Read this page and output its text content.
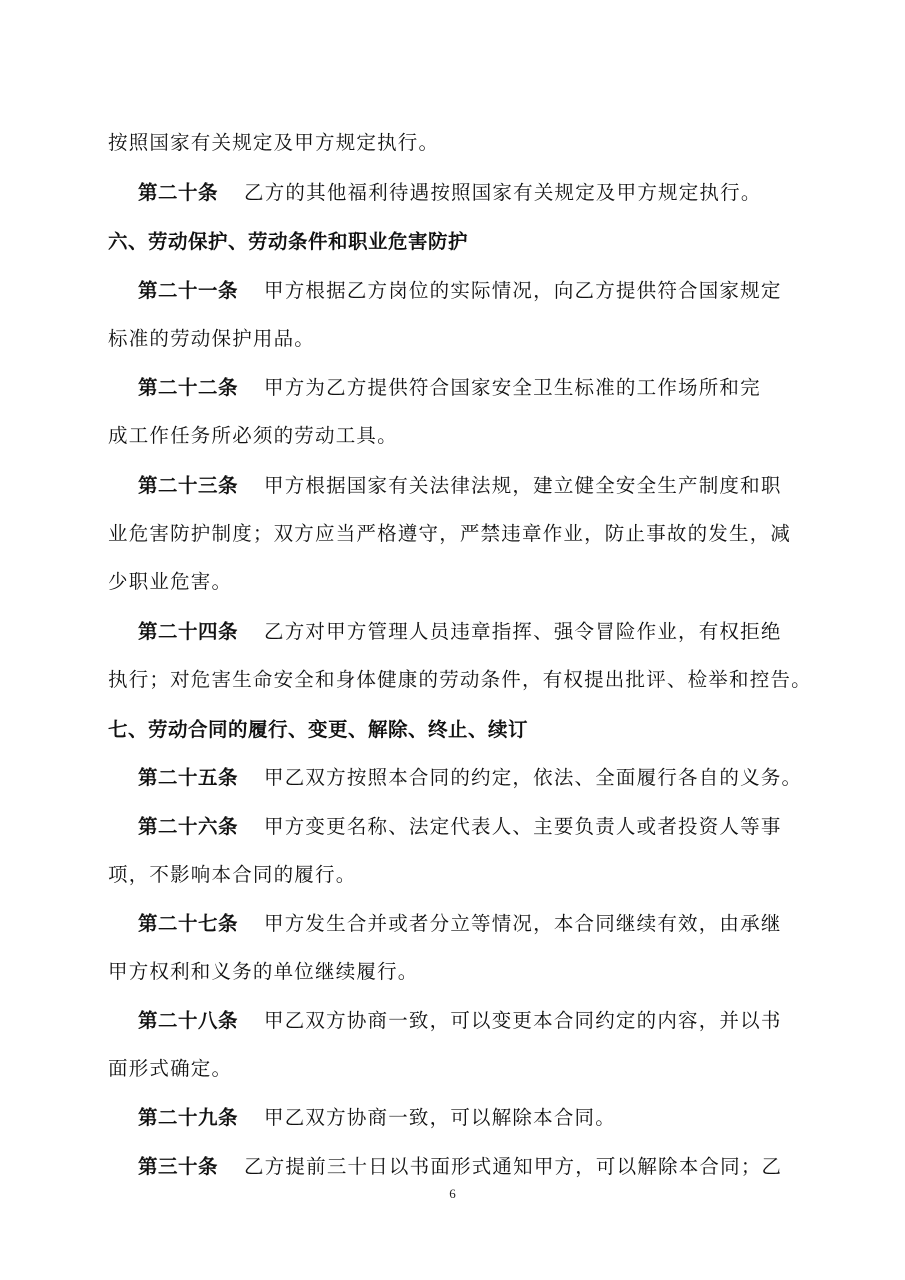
按照国家有关规定及甲方规定执行。
第二十条 乙方的其他福利待遇按照国家有关规定及甲方规定执行。
六、劳动保护、劳动条件和职业危害防护
第二十一条 甲方根据乙方岗位的实际情况，向乙方提供符合国家规定
标准的劳动保护用品。
第二十二条 甲方为乙方提供符合国家安全卫生标准的工作场所和完
成工作任务所必须的劳动工具。
第二十三条 甲方根据国家有关法律法规，建立健全安全生产制度和职
业危害防护制度；双方应当严格遵守，严禁违章作业，防止事故的发生，减
少职业危害。
第二十四条 乙方对甲方管理人员违章指挥、强令冒险作业，有权拒绝
执行；对危害生命安全和身体健康的劳动条件，有权提出批评、检举和控告。
七、劳动合同的履行、变更、解除、终止、续订
第二十五条 甲乙双方按照本合同的约定，依法、全面履行各自的义务。
第二十六条 甲方变更名称、法定代表人、主要负责人或者投资人等事
项，不影响本合同的履行。
第二十七条 甲方发生合并或者分立等情况，本合同继续有效，由承继
甲方权利和义务的单位继续履行。
第二十八条 甲乙双方协商一致，可以变更本合同约定的内容，并以书
面形式确定。
第二十九条 甲乙双方协商一致，可以解除本合同。
第三十条 乙方提前三十日以书面形式通知甲方，可以解除本合同；乙
6
